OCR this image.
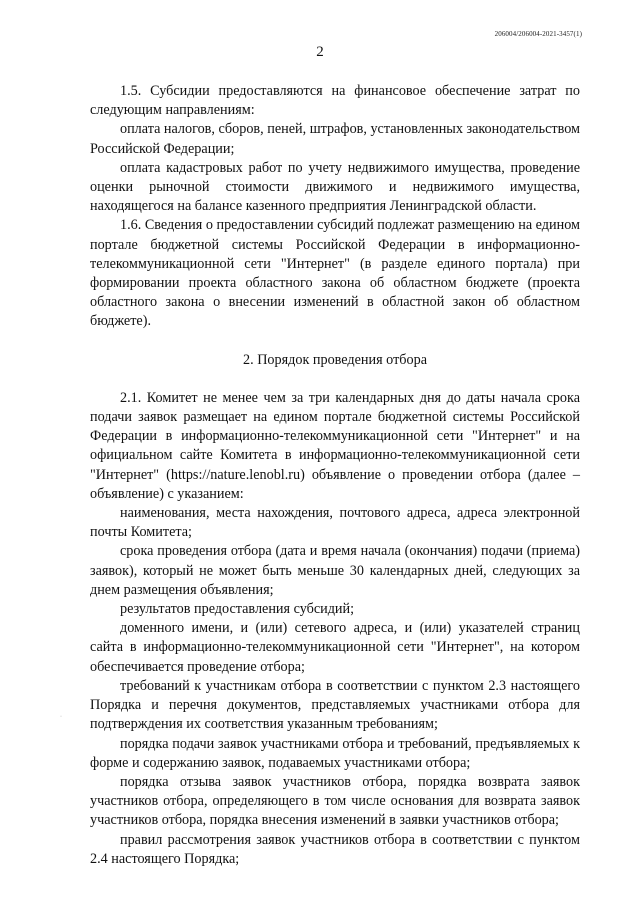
206004/206004-2021-3457(1)
2
·

1.5. Субсидии предоставляются на финансовое обеспечение затрат по следующим направлениям:

оплата налогов, сборов, пеней, штрафов, установленных законодательством Российской Федерации;

оплата кадастровых работ по учету недвижимого имущества, проведение оценки рыночной стоимости движимого и недвижимого имущества, находящегося на балансе казенного предприятия Ленинградской области.

1.6. Сведения о предоставлении субсидий подлежат размещению на едином портале бюджетной системы Российской Федерации в информационно-телекоммуникационной сети "Интернет" (в разделе единого портала) при формировании проекта областного закона об областном бюджете (проекта областного закона о внесении изменений в областной закон об областном бюджете).

2. Порядок проведения отбора

2.1. Комитет не менее чем за три календарных дня до даты начала срока подачи заявок размещает на едином портале бюджетной системы Российской Федерации в информационно-телекоммуникационной сети "Интернет" и на официальном сайте Комитета в информационно-телекоммуникационной сети "Интернет" (https://nature.lenobl.ru) объявление о проведении отбора (далее – объявление) с указанием:

наименования, места нахождения, почтового адреса, адреса электронной почты Комитета;

срока проведения отбора (дата и время начала (окончания) подачи (приема) заявок), который не может быть меньше 30 календарных дней, следующих за днем размещения объявления;

результатов предоставления субсидий;

доменного имени, и (или) сетевого адреса, и (или) указателей страниц сайта в информационно-телекоммуникационной сети "Интернет", на котором обеспечивается проведение отбора;

требований к участникам отбора в соответствии с пунктом 2.3 настоящего Порядка и перечня документов, представляемых участниками отбора для подтверждения их соответствия указанным требованиям;

порядка подачи заявок участниками отбора и требований, предъявляемых к форме и содержанию заявок, подаваемых участниками отбора;

порядка отзыва заявок участников отбора, порядка возврата заявок участников отбора, определяющего в том числе основания для возврата заявок участников отбора, порядка внесения изменений в заявки участников отбора;

правил рассмотрения заявок участников отбора в соответствии с пунктом 2.4 настоящего Порядка;
